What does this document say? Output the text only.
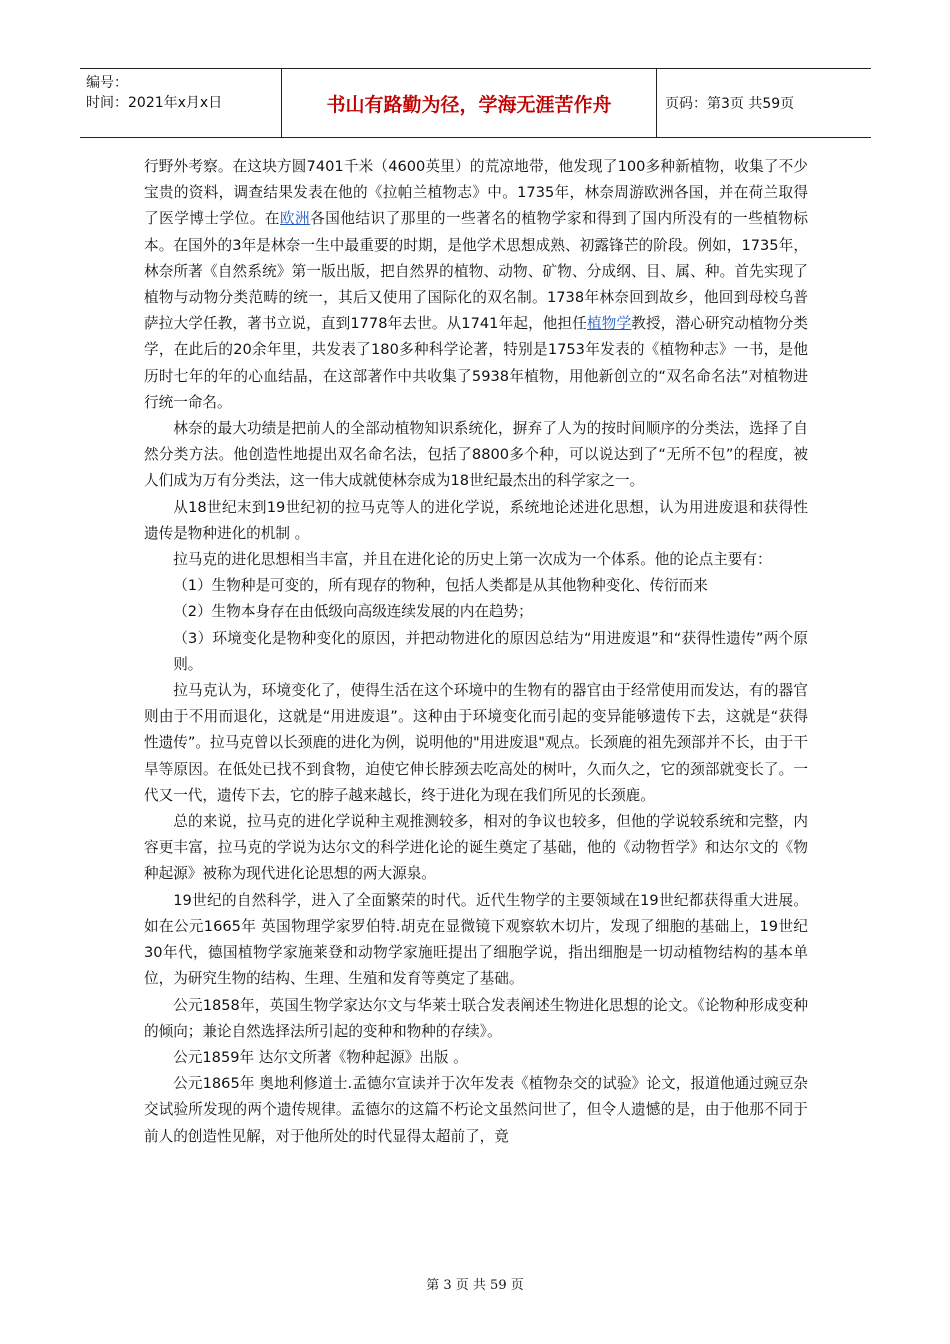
编号：
时间：2021年x月x日	书山有路勤为径，学海无涯苦作舟	页码：第3页 共59页

行野外考察。在这块方圆7401千米（4600英里）的荒凉地带，他发现了100多种新植物，收集了不少宝贵的资料，调查结果发表在他的《拉帕兰植物志》中。1735年，林奈周游欧洲各国，并在荷兰取得了医学博士学位。在欧洲各国他结识了那里的一些著名的植物学家和得到了国内所没有的一些植物标本。在国外的3年是林奈一生中最重要的时期，是他学术思想成熟、初露锋芒的阶段。例如，1735年，林奈所著《自然系统》第一版出版，把自然界的植物、动物、矿物、分成纲、目、属、种。首先实现了植物与动物分类范畴的统一，其后又使用了国际化的双名制。1738年林奈回到故乡，他回到母校乌普萨拉大学任教，著书立说，直到1778年去世。从1741年起，他担任植物学教授，潜心研究动植物分类学，在此后的20余年里，共发表了180多种科学论著，特别是1753年发表的《植物种志》一书，是他历时七年的年的心血结晶，在这部著作中共收集了5938年植物，用他新创立的“双名命名法”对植物进行统一命名。

林奈的最大功绩是把前人的全部动植物知识系统化，摒弃了人为的按时间顺序的分类法，选择了自然分类方法。他创造性地提出双名命名法，包括了8800多个种，可以说达到了“无所不包”的程度，被人们成为万有分类法，这一伟大成就使林奈成为18世纪最杰出的科学家之一。

从18世纪末到19世纪初的拉马克等人的进化学说，系统地论述进化思想，认为用进废退和获得性遗传是物种进化的机制 。

拉马克的进化思想相当丰富，并且在进化论的历史上第一次成为一个体系。他的论点主要有：

（1）生物种是可变的，所有现存的物种，包括人类都是从其他物种变化、传衍而来

（2）生物本身存在由低级向高级连续发展的内在趋势；

（3）环境变化是物种变化的原因，并把动物进化的原因总结为“用进废退”和“获得性遗传”两个原则。

拉马克认为，环境变化了，使得生活在这个环境中的生物有的器官由于经常使用而发达，有的器官则由于不用而退化，这就是“用进废退”。这种由于环境变化而引起的变异能够遗传下去，这就是“获得性遗传”。拉马克曾以长颈鹿的进化为例，说明他的"用进废退"观点。长颈鹿的祖先颈部并不长，由于干旱等原因。在低处已找不到食物，迫使它伸长脖颈去吃高处的树叶，久而久之，它的颈部就变长了。一代又一代，遗传下去，它的脖子越来越长，终于进化为现在我们所见的长颈鹿。

总的来说，拉马克的进化学说种主观推测较多，相对的争议也较多，但他的学说较系统和完整，内容更丰富，拉马克的学说为达尔文的科学进化论的诞生奠定了基础，他的《动物哲学》和达尔文的《物种起源》被称为现代进化论思想的两大源泉。

19世纪的自然科学，进入了全面繁荣的时代。近代生物学的主要领域在19世纪都获得重大进展。如在公元1665年 英国物理学家罗伯特.胡克在显微镜下观察软木切片，发现了细胞的基础上，19世纪30年代，德国植物学家施莱登和动物学家施旺提出了细胞学说，指出细胞是一切动植物结构的基本单位，为研究生物的结构、生理、生殖和发育等奠定了基础。

公元1858年，英国生物学家达尔文与华莱士联合发表阐述生物进化思想的论文。《论物种形成变种的倾向；兼论自然选择法所引起的变种和物种的存续》。

公元1859年 达尔文所著《物种起源》出版 。

公元1865年 奥地利修道士.孟德尔宣读并于次年发表《植物杂交的试验》论文，报道他通过豌豆杂交试验所发现的两个遗传规律。孟德尔的这篇不朽论文虽然问世了，但令人遗憾的是，由于他那不同于前人的创造性见解，对于他所处的时代显得太超前了，竟

第 3 页 共 59 页
